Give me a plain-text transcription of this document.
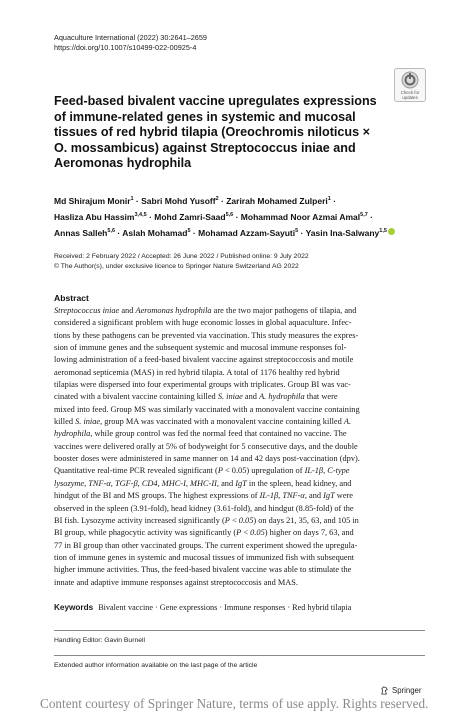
Aquaculture International (2022) 30:2641–2659
https://doi.org/10.1007/s10499-022-00925-4
Check for updates
Feed-based bivalent vaccine upregulates expressions of immune-related genes in systemic and mucosal tissues of red hybrid tilapia (Oreochromis niloticus × O. mossambicus) against Streptococcus iniae and Aeromonas hydrophila
Md Shirajum Monir$^1$ · Sabri Mohd Yusoff$^2$ · Zarirah Mohamed Zulperi$^1$ ·
Hasliza Abu Hassim$^{3,4,5}$ · Mohd Zamri-Saad$^{5,6}$ · Mohammad Noor Azmai Amal$^{5,7}$ ·
Annas Salleh$^{5,6}$ · Aslah Mohamad$^5$ · Mohamad Azzam-Sayuti$^5$ · Yasin Ina-Salwany$^{1,5}$
Received: 2 February 2022 / Accepted: 26 June 2022 / Published online: 9 July 2022
© The Author(s), under exclusive licence to Springer Nature Switzerland AG 2022
Abstract
Streptococcus iniae and Aeromonas hydrophila are the two major pathogens of tilapia, and
considered a significant problem with huge economic losses in global aquaculture. Infec-
tions by these pathogens can be prevented via vaccination. This study measures the expres-
sion of immune genes and the subsequent systemic and mucosal immune responses fol-
lowing administration of a feed-based bivalent vaccine against streptococcosis and motile
aeromonad septicemia (MAS) in red hybrid tilapia. A total of 1176 healthy red hybrid
tilapias were dispersed into four experimental groups with triplicates. Group BI was vac-
cinated with a bivalent vaccine containing killed S. iniae and A. hydrophila that were
mixed into feed. Group MS was similarly vaccinated with a monovalent vaccine containing
killed S. iniae, group MA was vaccinated with a monovalent vaccine containing killed A.
hydrophila, while group control was fed the normal feed that contained no vaccine. The
vaccines were delivered orally at 5% of bodyweight for 5 consecutive days, and the double
booster doses were administered in same manner on 14 and 42 days post-vaccination (dpv).
Quantitative real-time PCR revealed significant (P < 0.05) upregulation of IL-1β, C-type
lysozyme, TNF-α, TGF-β, CD4, MHC-I, MHC-II, and IgT in the spleen, head kidney, and
hindgut of the BI and MS groups. The highest expressions of IL-1β, TNF-α, and IgT were
observed in the spleen (3.91-fold), head kidney (3.61-fold), and hindgut (8.85-fold) of the
BI fish. Lysozyme activity increased significantly (P < 0.05) on days 21, 35, 63, and 105 in
BI group, while phagocytic activity was significantly (P < 0.05) higher on days 7, 63, and
77 in BI group than other vaccinated groups. The current experiment showed the upregula-
tion of immune genes in systemic and mucosal tissues of immunized fish with subsequent
higher immune activities. Thus, the feed-based bivalent vaccine was able to stimulate the
innate and adaptive immune responses against streptococcosis and MAS.
Keywords Bivalent vaccine · Gene expressions · Immune responses · Red hybrid tilapia
Handling Editor: Gavin Burnell
Extended author information available on the last page of the article
Springer
Content courtesy of Springer Nature, terms of use apply. Rights reserved.
